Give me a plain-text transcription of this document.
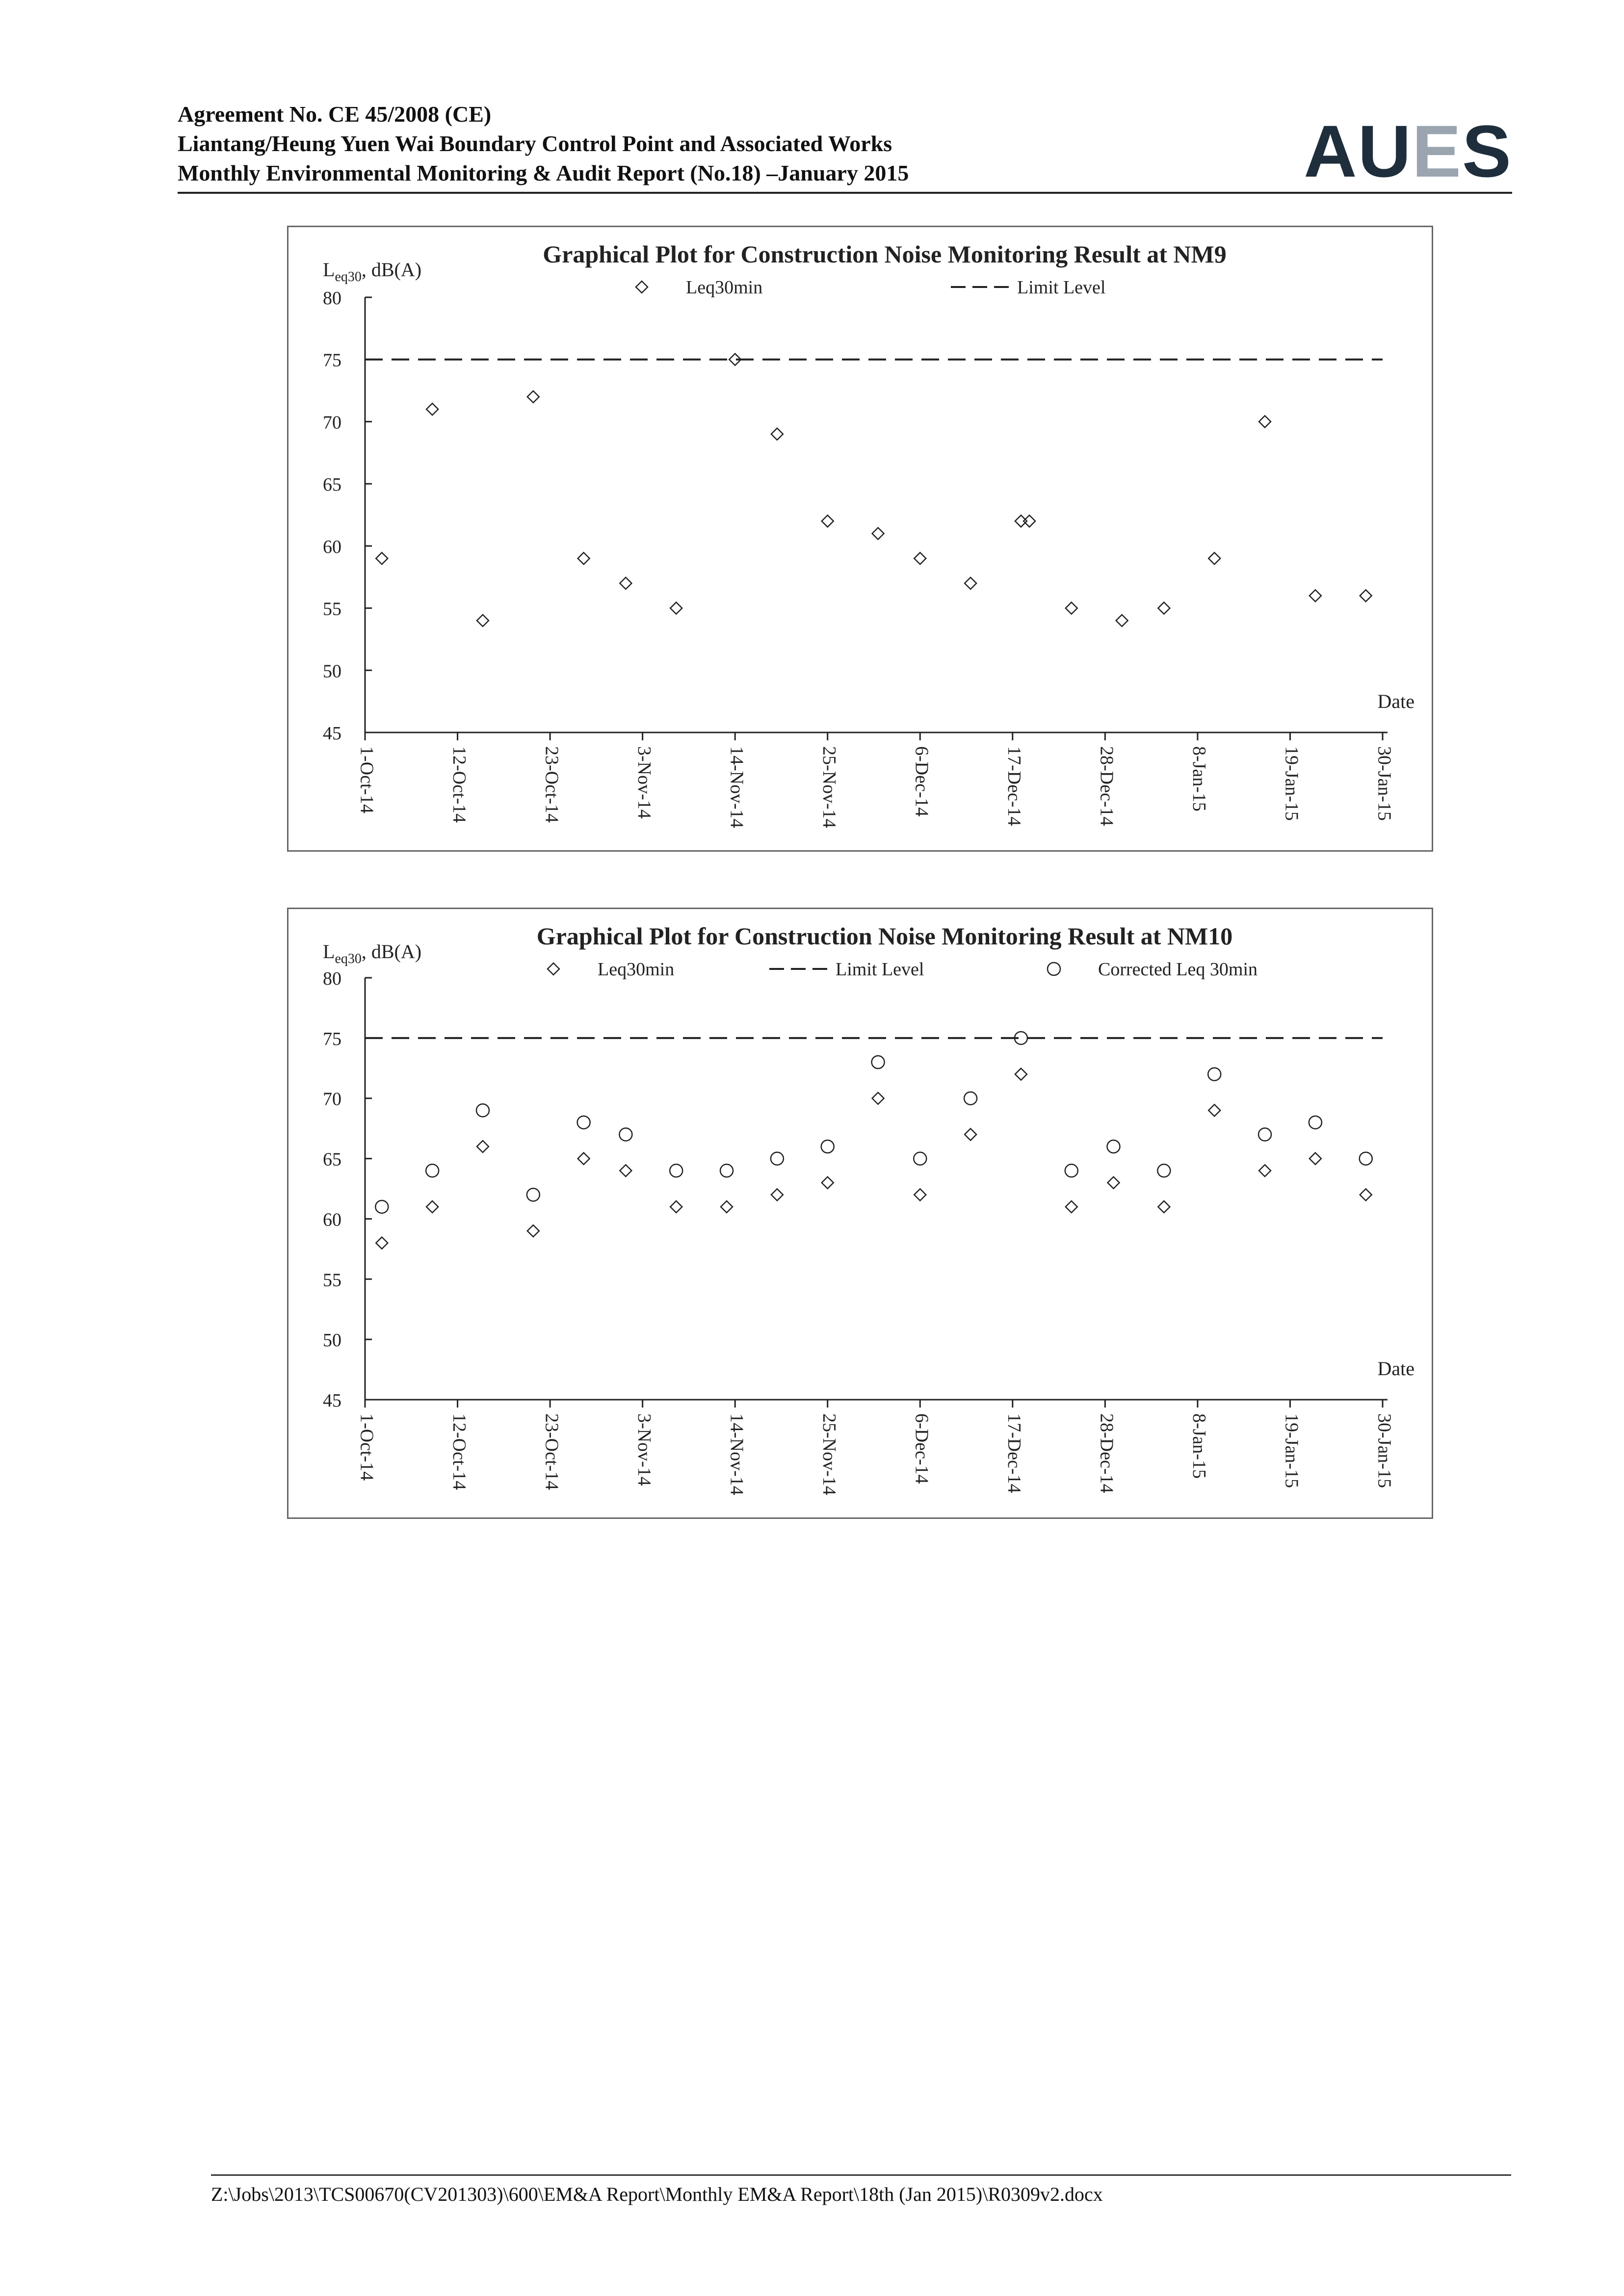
Agreement No. CE 45/2008 (CE)
Liantang/Heung Yuen Wai Boundary Control Point and Associated Works
Monthly Environmental Monitoring & Audit Report (No.18) –January 2015	AUES
Graphical Plot for Construction Noise Monitoring Result at NM9
$L_{eq30}$, dB(A)
45
50
55
60
65
70
75
80
1-Oct-14	12-Oct-14	23-Oct-14	3-Nov-14	14-Nov-14	25-Nov-14	6-Dec-14	17-Dec-14	28-Dec-14	8-Jan-15	19-Jan-15	30-Jan-15
Date
Leq30min	Limit Level
Graphical Plot for Construction Noise Monitoring Result at NM10
$L_{eq30}$, dB(A)
45
50
55
60
65
70
75
80
1-Oct-14	12-Oct-14	23-Oct-14	3-Nov-14	14-Nov-14	25-Nov-14	6-Dec-14	17-Dec-14	28-Dec-14	8-Jan-15	19-Jan-15	30-Jan-15
Date
Leq30min	Corrected Leq 30min
Limit Level
Z:\Jobs\2013\TCS00670(CV201303)\600\EM&A Report\Monthly EM&A Report\18th (Jan 2015)\R0309v2.docx
